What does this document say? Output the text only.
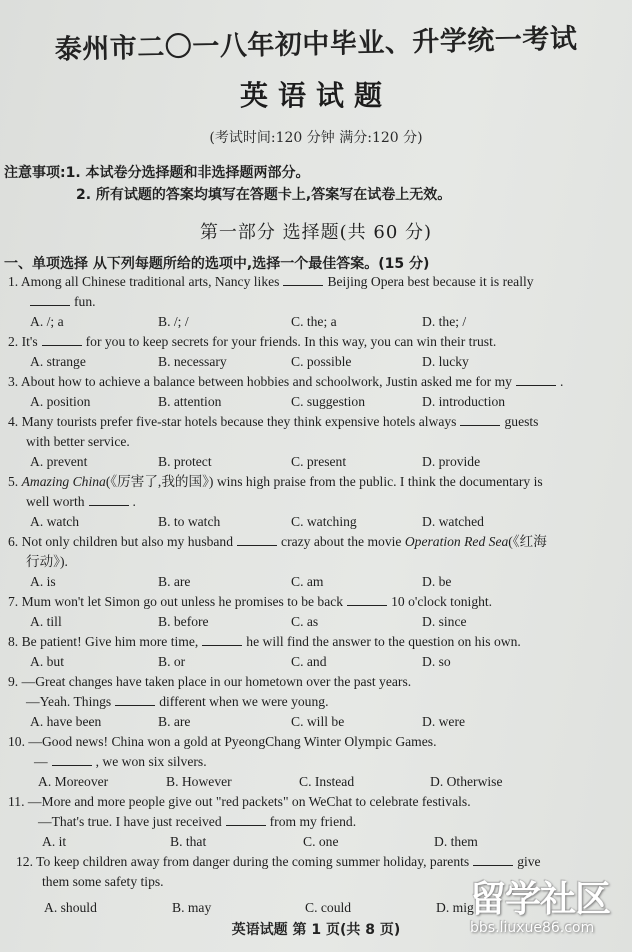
泰州市二〇一八年初中毕业、升学统一考试
英语试题
(考试时间:120 分钟 满分:120 分)
注意事项:1. 本试卷分选择题和非选择题两部分。
2. 所有试题的答案均填写在答题卡上,答案写在试卷上无效。
第一部分 选择题(共 60 分)
一、单项选择 从下列每题所给的选项中,选择一个最佳答案。(15 分)
1. Among all Chinese traditional arts, Nancy likes	Beijing Opera best because it is really
fun.
A. /; a	B. /; /	C. the; a	D. the; /
2. It's	for you to keep secrets for your friends. In this way, you can win their trust.
A. strange	B. necessary	C. possible	D. lucky
3. About how to achieve a balance between hobbies and schoolwork, Justin asked me for my	.
A. position	B. attention	C. suggestion	D. introduction
4. Many tourists prefer five-star hotels because they think expensive hotels always	guests
with better service.
A. prevent	B. protect	C. present	D. provide
5. Amazing China(《厉害了,我的国》) wins high praise from the public. I think the documentary is
well worth	.
A. watch	B. to watch	C. watching	D. watched
6. Not only children but also my husband	crazy about the movie Operation Red Sea(《红海
行动》).
A. is	B. are	C. am	D. be
7. Mum won't let Simon go out unless he promises to be back	10 o'clock tonight.
A. till	B. before	C. as	D. since
8. Be patient! Give him more time,	he will find the answer to the question on his own.
A. but	B. or	C. and	D. so
9. —Great changes have taken place in our hometown over the past years.
—Yeah. Things	different when we were young.
A. have been	B. are	C. will be	D. were
10. —Good news! China won a gold at PyeongChang Winter Olympic Games.
—	, we won six silvers.
A. Moreover	B. However	C. Instead	D. Otherwise
11. —More and more people give out "red packets" on WeChat to celebrate festivals.
—That's true. I have just received	from my friend.
A. it	B. that	C. one	D. them
12. To keep children away from danger during the coming summer holiday, parents	give
them some safety tips.
A. should	B. may	C. could	D. mig
英语试题 第 1 页(共 8 页)
留学社区
bbs.liuxue86.com
